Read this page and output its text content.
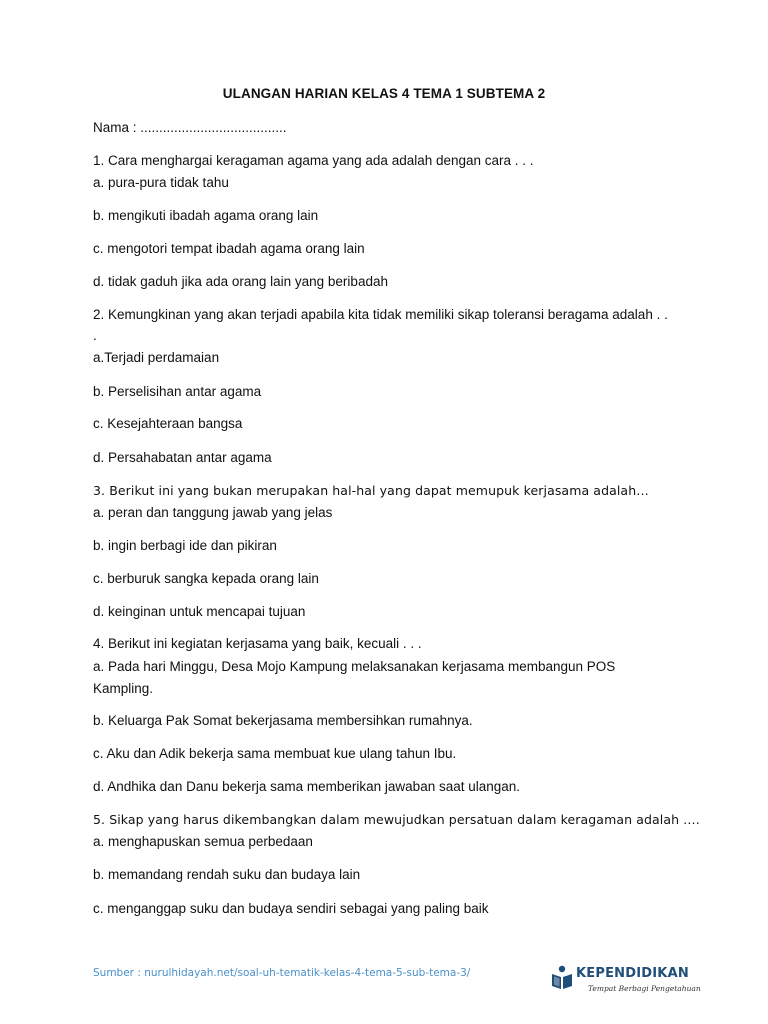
ULANGAN HARIAN KELAS 4 TEMA 1 SUBTEMA 2
Nama : .......................................
1. Cara menghargai keragaman agama yang ada adalah dengan cara . . .
a. pura-pura tidak tahu
b. mengikuti ibadah agama orang lain
c. mengotori tempat ibadah agama orang lain
d. tidak gaduh jika ada orang lain yang beribadah
2. Kemungkinan yang akan terjadi apabila kita tidak memiliki sikap toleransi beragama adalah . .
.
a.Terjadi perdamaian
b. Perselisihan antar agama
c. Kesejahteraan bangsa
d. Persahabatan antar agama
3. Berikut ini yang bukan merupakan hal-hal yang dapat memupuk kerjasama adalah…
a. peran dan tanggung jawab yang jelas
b. ingin berbagi ide dan pikiran
c. berburuk sangka kepada orang lain
d. keinginan untuk mencapai tujuan
4. Berikut ini kegiatan kerjasama yang baik, kecuali . . .
a. Pada hari Minggu, Desa Mojo Kampung melaksanakan kerjasama membangun POS
Kampling.
b. Keluarga Pak Somat bekerjasama membersihkan rumahnya.
c. Aku dan Adik bekerja sama membuat kue ulang tahun Ibu.
d. Andhika dan Danu bekerja sama memberikan jawaban saat ulangan.
5. Sikap yang harus dikembangkan dalam mewujudkan persatuan dalam keragaman adalah ….
a. menghapuskan semua perbedaan
b. memandang rendah suku dan budaya lain
c. menganggap suku dan budaya sendiri sebagai yang paling baik
Sumber : nurulhidayah.net/soal-uh-tematik-kelas-4-tema-5-sub-tema-3/	KEPENDIDIKAN
Tempat Berbagi Pengetahuan
